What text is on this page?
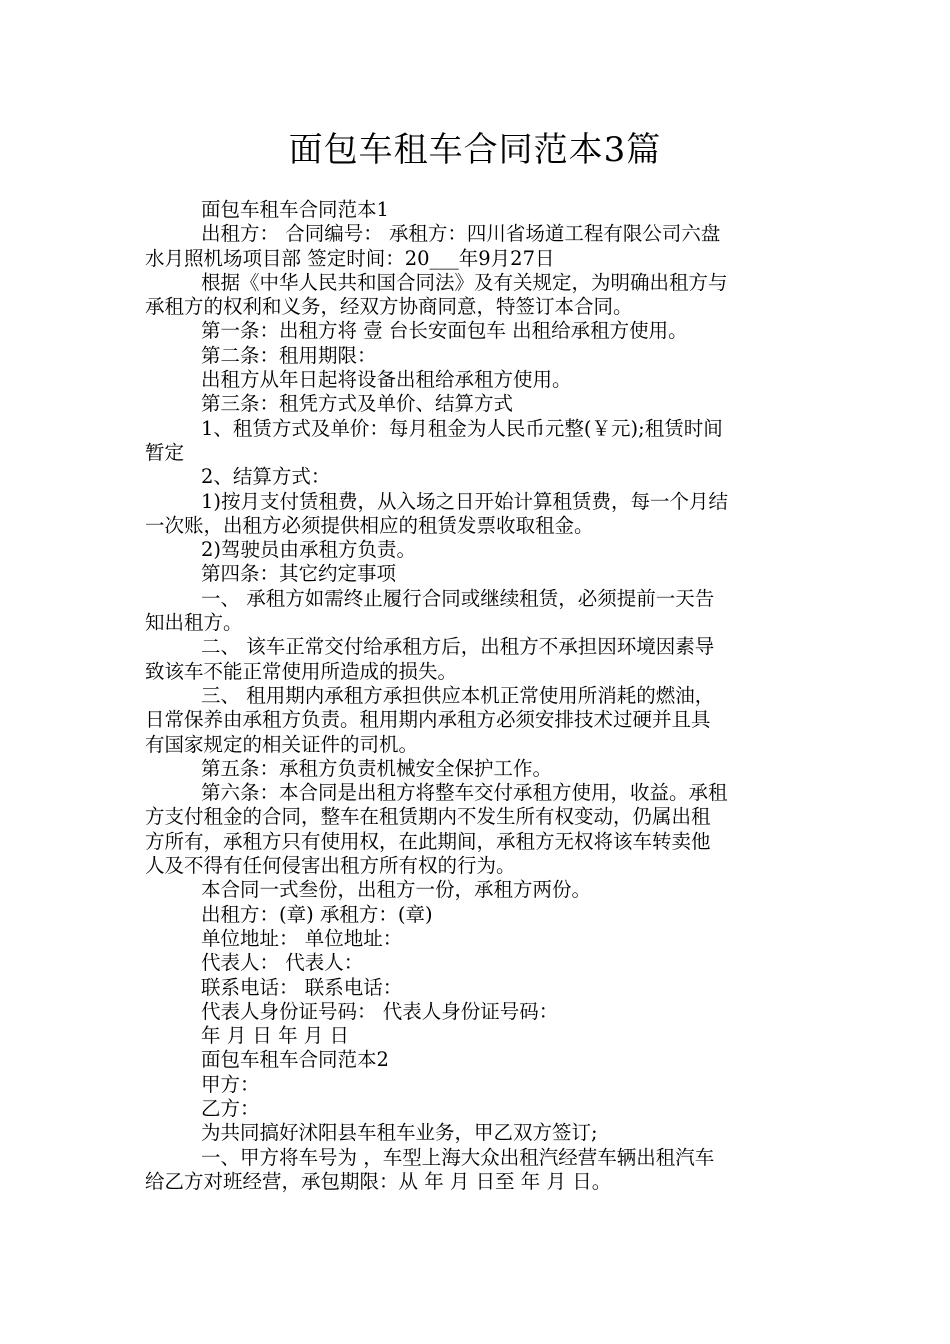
面包车租车合同范本3篇

面包车租车合同范本1

出租方： 合同编号： 承租方：四川省场道工程有限公司六盘

水月照机场项目部 签定时间：20___年9月27日

根据《中华人民共和国合同法》及有关规定，为明确出租方与

承租方的权利和义务，经双方协商同意，特签订本合同。

第一条：出租方将 壹 台长安面包车 出租给承租方使用。

第二条：租用期限：

出租方从年日起将设备出租给承租方使用。

第三条：租凭方式及单价、结算方式

1、租赁方式及单价：每月租金为人民币元整(￥元);租赁时间

暂定

2、结算方式：

1)按月支付赁租费，从入场之日开始计算租赁费，每一个月结

一次账，出租方必须提供相应的租赁发票收取租金。

2)驾驶员由承租方负责。

第四条：其它约定事项

一、 承租方如需终止履行合同或继续租赁，必须提前一天告

知出租方。

二、 该车正常交付给承租方后，出租方不承担因环境因素导

致该车不能正常使用所造成的损失。

三、 租用期内承租方承担供应本机正常使用所消耗的燃油，

日常保养由承租方负责。租用期内承租方必须安排技术过硬并且具

有国家规定的相关证件的司机。

第五条：承租方负责机械安全保护工作。

第六条：本合同是出租方将整车交付承租方使用，收益。承租

方支付租金的合同，整车在租赁期内不发生所有权变动，仍属出租

方所有，承租方只有使用权，在此期间，承租方无权将该车转卖他

人及不得有任何侵害出租方所有权的行为。

本合同一式叁份，出租方一份，承租方两份。

出租方：(章) 承租方：(章)

单位地址： 单位地址：

代表人： 代表人：

联系电话： 联系电话：

代表人身份证号码： 代表人身份证号码：

年 月 日 年 月 日

面包车租车合同范本2

甲方：

乙方：

为共同搞好沭阳县车租车业务，甲乙双方签订;

一、甲方将车号为 ，车型上海大众出租汽经营车辆出租汽车

给乙方对班经营，承包期限：从 年 月 日至 年 月 日。
